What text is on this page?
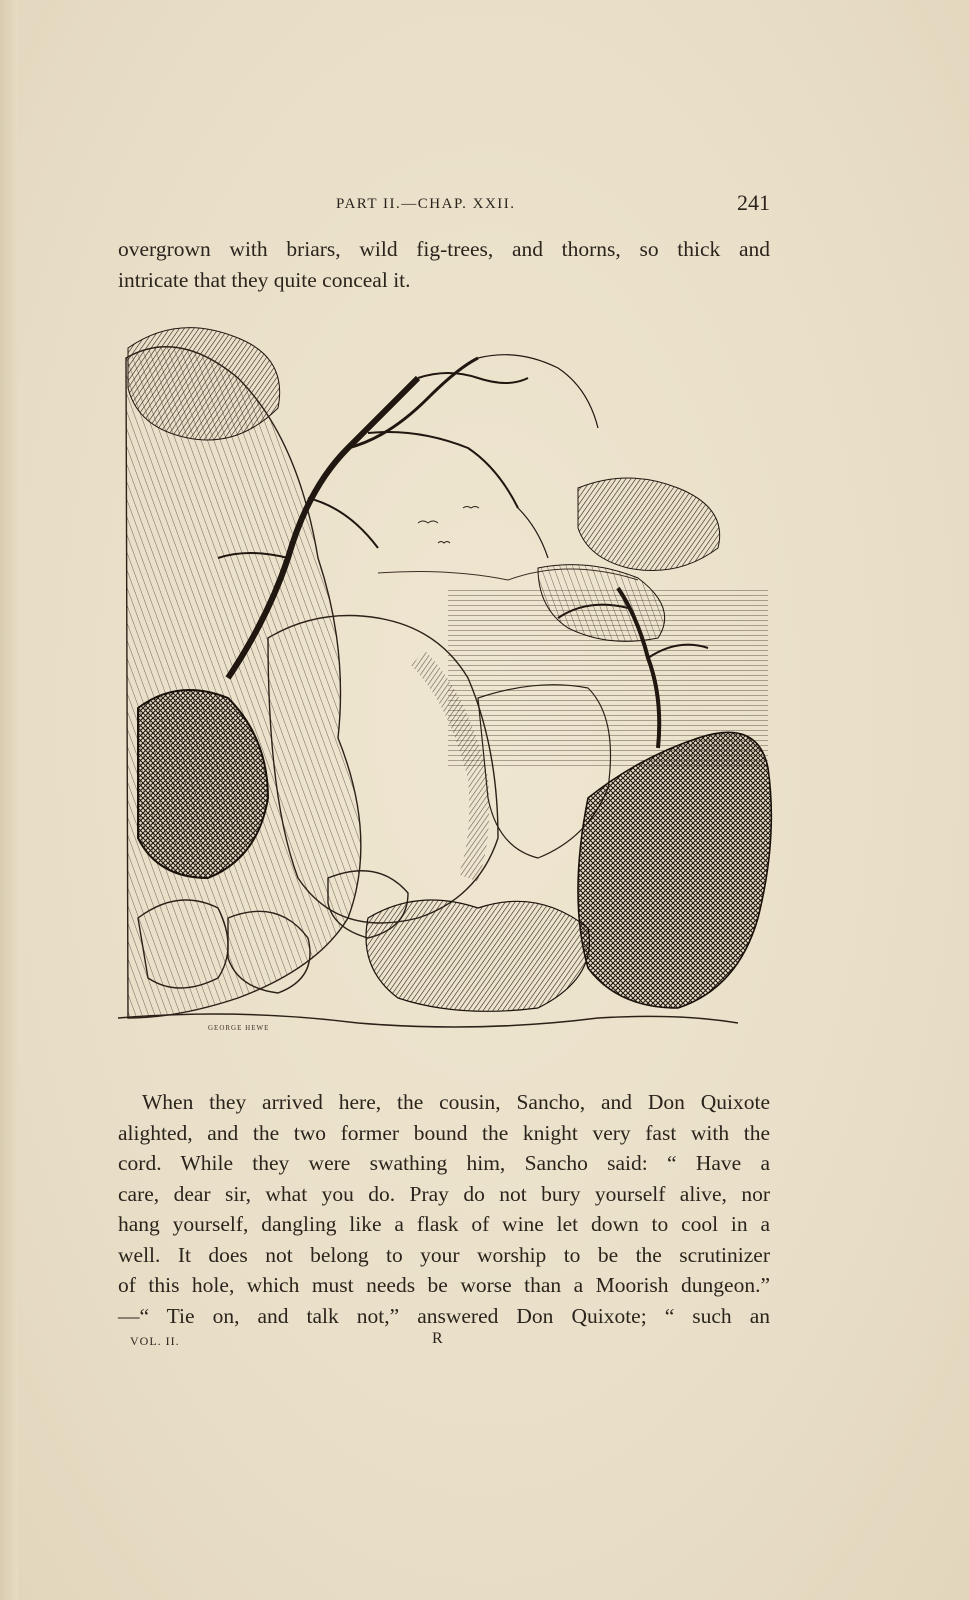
PART II.—CHAP. XXII.	241
overgrown with briars, wild fig-trees, and thorns, so thick and
intricate that they quite conceal it.
GEORGE HEWE
When they arrived here, the cousin, Sancho, and Don Quixote
alighted, and the two former bound the knight very fast with the
cord. While they were swathing him, Sancho said: “ Have a
care, dear sir, what you do. Pray do not bury yourself alive, nor
hang yourself, dangling like a flask of wine let down to cool in a
well. It does not belong to your worship to be the scrutinizer
of this hole, which must needs be worse than a Moorish dungeon.”
—“ Tie on, and talk not,” answered Don Quixote; “ such an
VOL. II.	R
